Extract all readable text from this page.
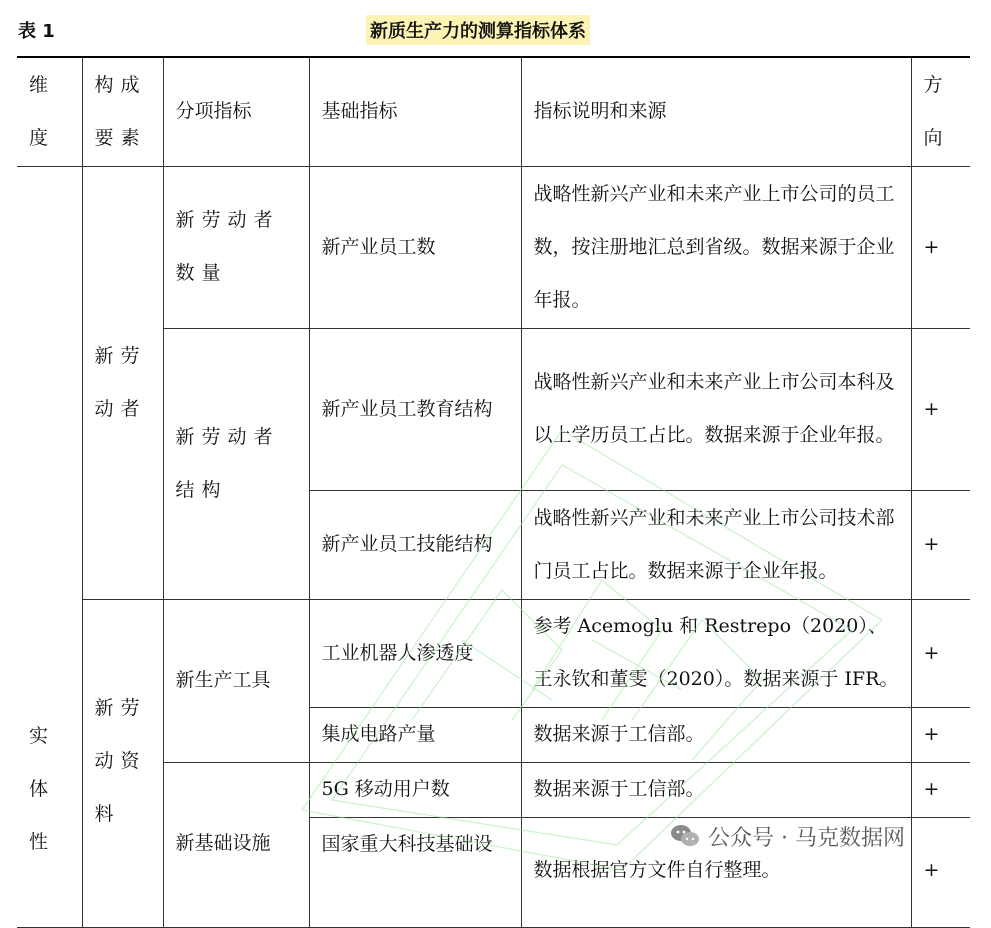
表 1	新质生产力的测算指标体系
维度	构成要素	分项指标	基础指标	指标说明和来源	方向
实体性	新劳动者	新劳动者数量	新产业员工数	战略性新兴产业和未来产业上市公司的员工数，按注册地汇总到省级。数据来源于企业年报。	+
		新劳动者结构	新产业员工教育结构	战略性新兴产业和未来产业上市公司本科及以上学历员工占比。数据来源于企业年报。	+
			新产业员工技能结构	战略性新兴产业和未来产业上市公司技术部门员工占比。数据来源于企业年报。	+
	新劳动资料	新生产工具	工业机器人渗透度	参考 Acemoglu 和 Restrepo（2020）、王永钦和董雯（2020）。数据来源于 IFR。	+
			集成电路产量	数据来源于工信部。	+
		新基础设施	5G 移动用户数	数据来源于工信部。	+
			国家重大科技基础设	数据根据官方文件自行整理。	+
公众号 · 马克数据网
